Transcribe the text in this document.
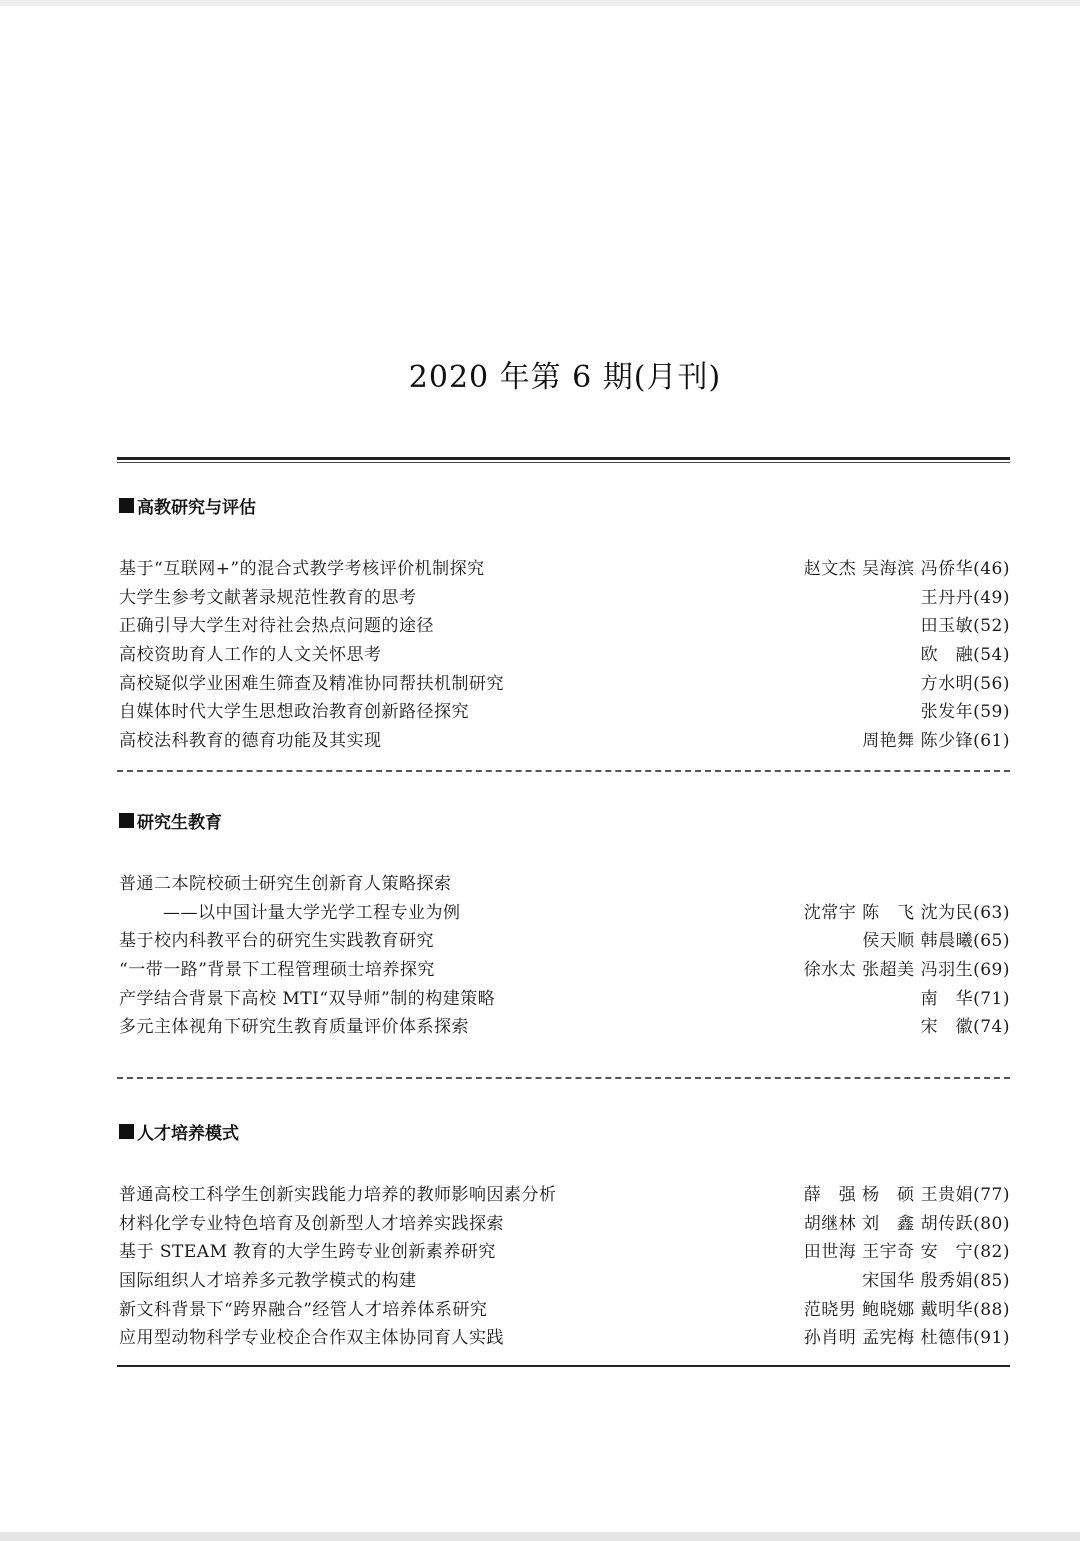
2020 年第 6 期(月刊)
高教研究与评估
基于“互联网+”的混合式教学考核评价机制探究	赵文杰 吴海滨 冯侨华(46)
大学生参考文献著录规范性教育的思考	王丹丹(49)
正确引导大学生对待社会热点问题的途径	田玉敏(52)
高校资助育人工作的人文关怀思考	欧　融(54)
高校疑似学业困难生筛查及精准协同帮扶机制研究	方水明(56)
自媒体时代大学生思想政治教育创新路径探究	张发年(59)
高校法科教育的德育功能及其实现	周艳舞 陈少锋(61)
研究生教育
普通二本院校硕士研究生创新育人策略探索
——以中国计量大学光学工程专业为例	沈常宇 陈　飞 沈为民(63)
基于校内科教平台的研究生实践教育研究	侯天顺 韩晨曦(65)
“一带一路”背景下工程管理硕士培养探究	徐水太 张超美 冯羽生(69)
产学结合背景下高校 MTI“双导师”制的构建策略	南　华(71)
多元主体视角下研究生教育质量评价体系探索	宋　徽(74)
人才培养模式
普通高校工科学生创新实践能力培养的教师影响因素分析	薛　强 杨　硕 王贵娟(77)
材料化学专业特色培育及创新型人才培养实践探索	胡继林 刘　鑫 胡传跃(80)
基于 STEAM 教育的大学生跨专业创新素养研究	田世海 王宇奇 安　宁(82)
国际组织人才培养多元教学模式的构建	宋国华 殷秀娟(85)
新文科背景下“跨界融合”经管人才培养体系研究	范晓男 鲍晓娜 戴明华(88)
应用型动物科学专业校企合作双主体协同育人实践	孙肖明 孟宪梅 杜德伟(91)
